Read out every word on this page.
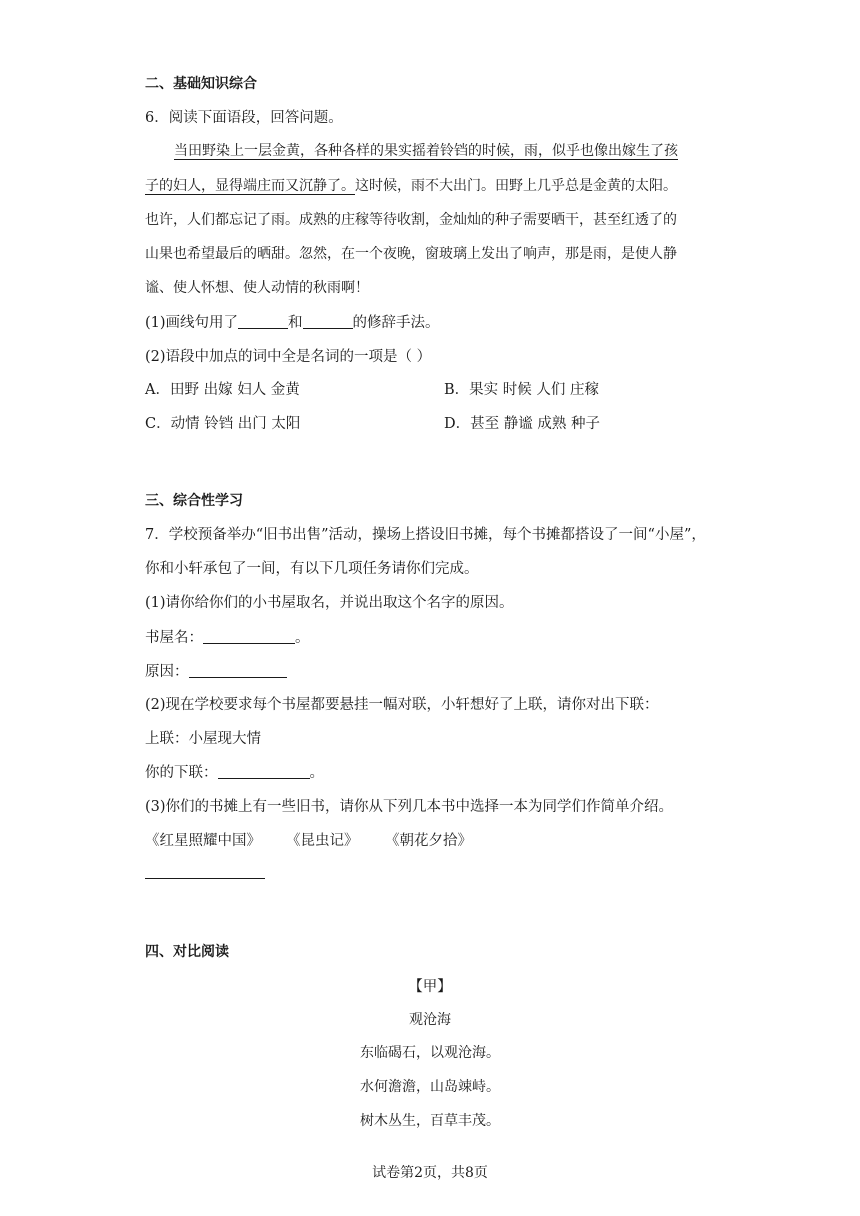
二、基础知识综合
6．阅读下面语段，回答问题。
当田野染上一层金黄，各种各样的果实摇着铃铛的时候，雨，似乎也像出嫁生了孩
子的妇人，显得端庄而又沉静了。这时候，雨不大出门。田野上几乎总是金黄的太阳。
也许，人们都忘记了雨。成熟的庄稼等待收割，金灿灿的种子需要晒干，甚至红透了的
山果也希望最后的晒甜。忽然，在一个夜晚，窗玻璃上发出了响声，那是雨，是使人静
谧、使人怀想、使人动情的秋雨啊！
(1)画线句用了	和	的修辞手法。
(2)语段中加点的词中全是名词的一项是（ ）
A．田野 出嫁 妇人 金黄	B．果实 时候 人们 庄稼
C．动情 铃铛 出门 太阳	D．甚至 静谧 成熟 种子
三、综合性学习
7．学校预备举办“旧书出售”活动，操场上搭设旧书摊，每个书摊都搭设了一间“小屋”，
你和小轩承包了一间，有以下几项任务请你们完成。
(1)请你给你们的小书屋取名，并说出取这个名字的原因。
书屋名：	。
原因：
(2)现在学校要求每个书屋都要悬挂一幅对联，小轩想好了上联，请你对出下联：
上联：小屋现大情
你的下联：	。
(3)你们的书摊上有一些旧书，请你从下列几本书中选择一本为同学们作简单介绍。
《红星照耀中国》 《昆虫记》 《朝花夕拾》
四、对比阅读
【甲】
观沧海
东临碣石，以观沧海。
水何澹澹，山岛竦峙。
树木丛生，百草丰茂。
试卷第2页，共8页
